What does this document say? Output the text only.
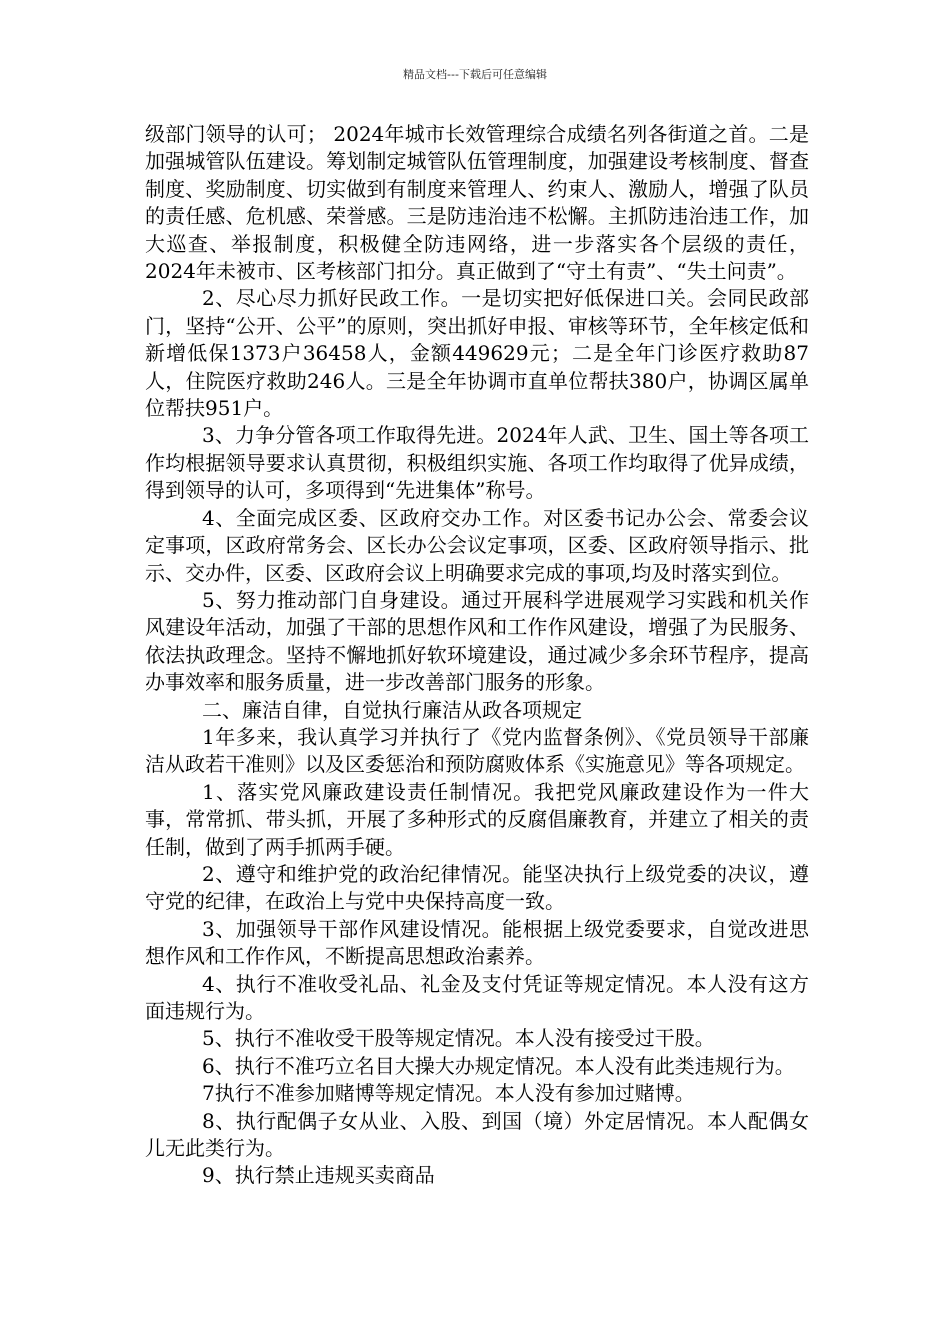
精品文档---下载后可任意编辑

级部门领导的认可； 2024年城市长效管理综合成绩名列各街道之首。二是加强城管队伍建设。筹划制定城管队伍管理制度，加强建设考核制度、督查制度、奖励制度、切实做到有制度来管理人、约束人、激励人，增强了队员的责任感、危机感、荣誉感。三是防违治违不松懈。主抓防违治违工作，加大巡查、举报制度，积极健全防违网络，进一步落实各个层级的责任，2024年未被市、区考核部门扣分。真正做到了“守土有责”、“失土问责”。

2、尽心尽力抓好民政工作。一是切实把好低保进口关。会同民政部门，坚持“公开、公平”的原则，突出抓好申报、审核等环节，全年核定低和新增低保1373户36458人，金额449629元；二是全年门诊医疗救助87人，住院医疗救助246人。三是全年协调市直单位帮扶380户，协调区属单位帮扶951户。

3、力争分管各项工作取得先进。2024年人武、卫生、国土等各项工作均根据领导要求认真贯彻，积极组织实施、各项工作均取得了优异成绩，得到领导的认可，多项得到“先进集体”称号。

4、全面完成区委、区政府交办工作。对区委书记办公会、常委会议定事项，区政府常务会、区长办公会议定事项，区委、区政府领导指示、批示、交办件，区委、区政府会议上明确要求完成的事项,均及时落实到位。

5、努力推动部门自身建设。通过开展科学进展观学习实践和机关作风建设年活动，加强了干部的思想作风和工作作风建设，增强了为民服务、依法执政理念。坚持不懈地抓好软环境建设，通过减少多余环节程序，提高办事效率和服务质量，进一步改善部门服务的形象。

二、廉洁自律，自觉执行廉洁从政各项规定

1年多来，我认真学习并执行了《党内监督条例》、《党员领导干部廉洁从政若干准则》以及区委惩治和预防腐败体系《实施意见》等各项规定。

1、落实党风廉政建设责任制情况。我把党风廉政建设作为一件大事，常常抓、带头抓，开展了多种形式的反腐倡廉教育，并建立了相关的责任制，做到了两手抓两手硬。

2、遵守和维护党的政治纪律情况。能坚决执行上级党委的决议，遵守党的纪律，在政治上与党中央保持高度一致。

3、加强领导干部作风建设情况。能根据上级党委要求，自觉改进思想作风和工作作风，不断提高思想政治素养。

4、执行不准收受礼品、礼金及支付凭证等规定情况。本人没有这方面违规行为。

5、执行不准收受干股等规定情况。本人没有接受过干股。

6、执行不准巧立名目大操大办规定情况。本人没有此类违规行为。

7执行不准参加赌博等规定情况。本人没有参加过赌博。

8、执行配偶子女从业、入股、到国（境）外定居情况。本人配偶女儿无此类行为。

9、执行禁止违规买卖商品
